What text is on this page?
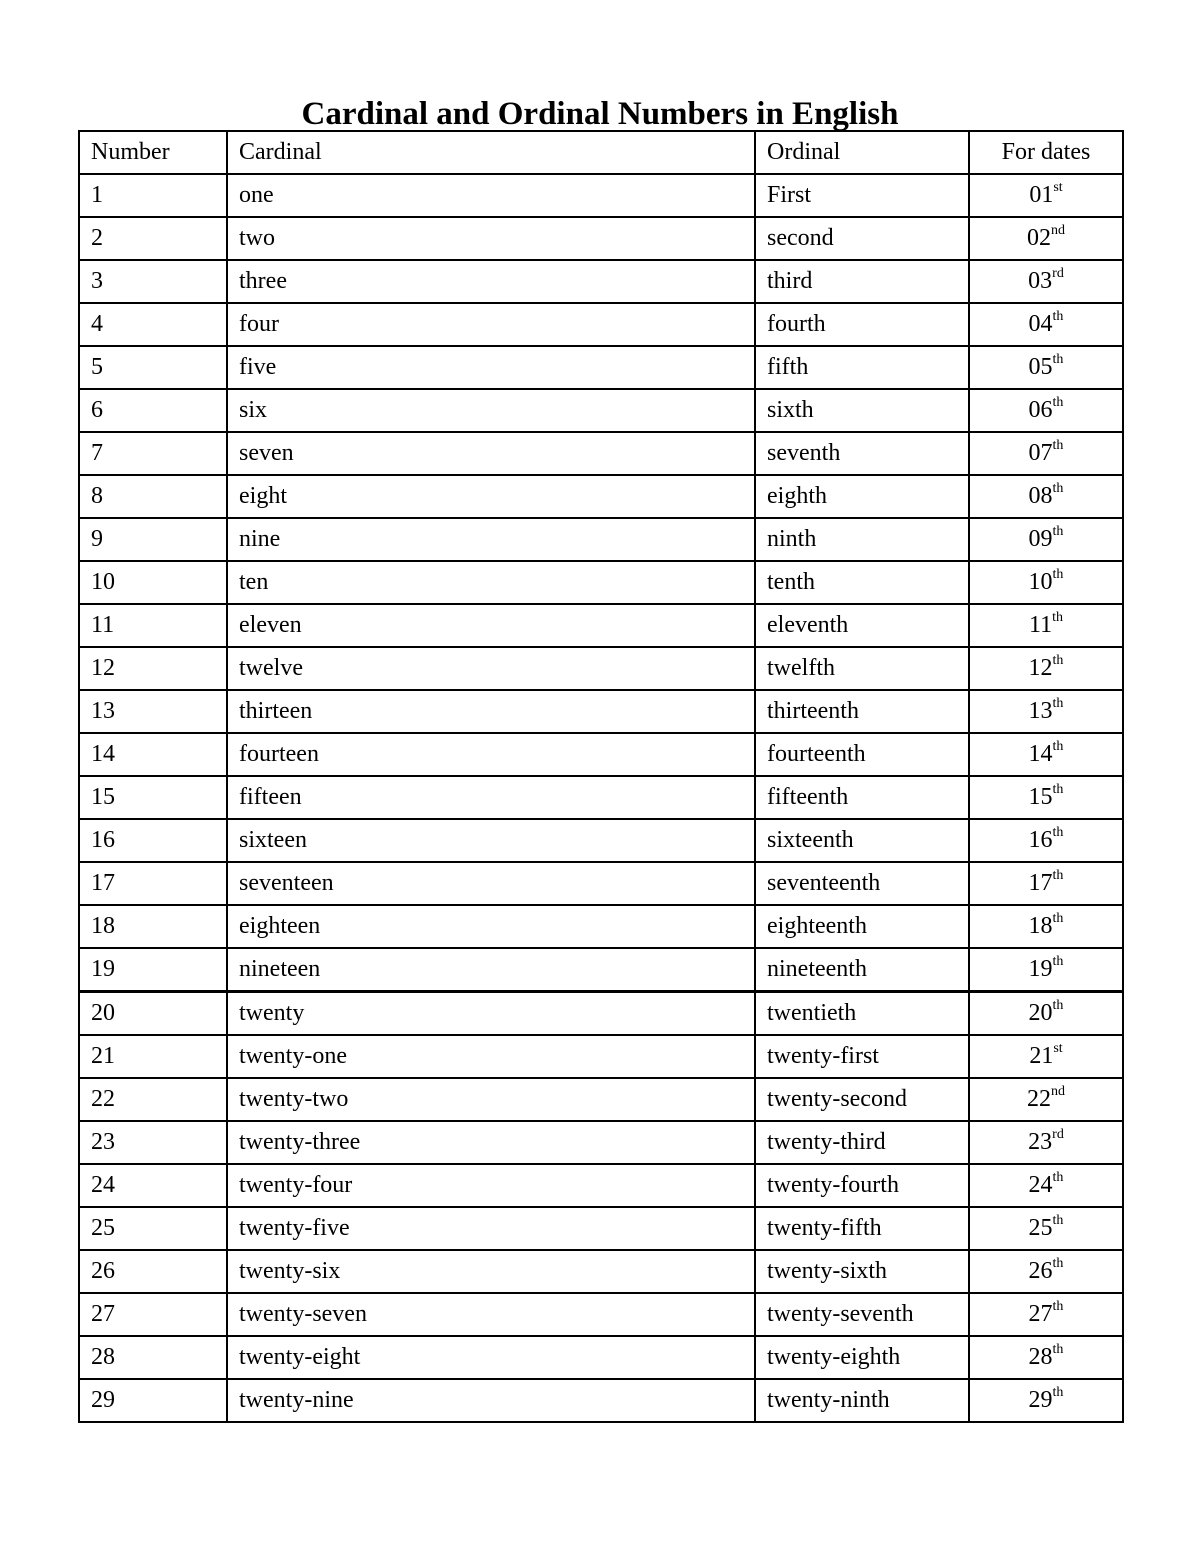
Cardinal and Ordinal Numbers in English
Number	Cardinal	Ordinal	For dates
1	one	First	01st
2	two	second	02nd
3	three	third	03rd
4	four	fourth	04th
5	five	fifth	05th
6	six	sixth	06th
7	seven	seventh	07th
8	eight	eighth	08th
9	nine	ninth	09th
10	ten	tenth	10th
11	eleven	eleventh	11th
12	twelve	twelfth	12th
13	thirteen	thirteenth	13th
14	fourteen	fourteenth	14th
15	fifteen	fifteenth	15th
16	sixteen	sixteenth	16th
17	seventeen	seventeenth	17th
18	eighteen	eighteenth	18th
19	nineteen	nineteenth	19th
20	twenty	twentieth	20th
21	twenty-one	twenty-first	21st
22	twenty-two	twenty-second	22nd
23	twenty-three	twenty-third	23rd
24	twenty-four	twenty-fourth	24th
25	twenty-five	twenty-fifth	25th
26	twenty-six	twenty-sixth	26th
27	twenty-seven	twenty-seventh	27th
28	twenty-eight	twenty-eighth	28th
29	twenty-nine	twenty-ninth	29th
